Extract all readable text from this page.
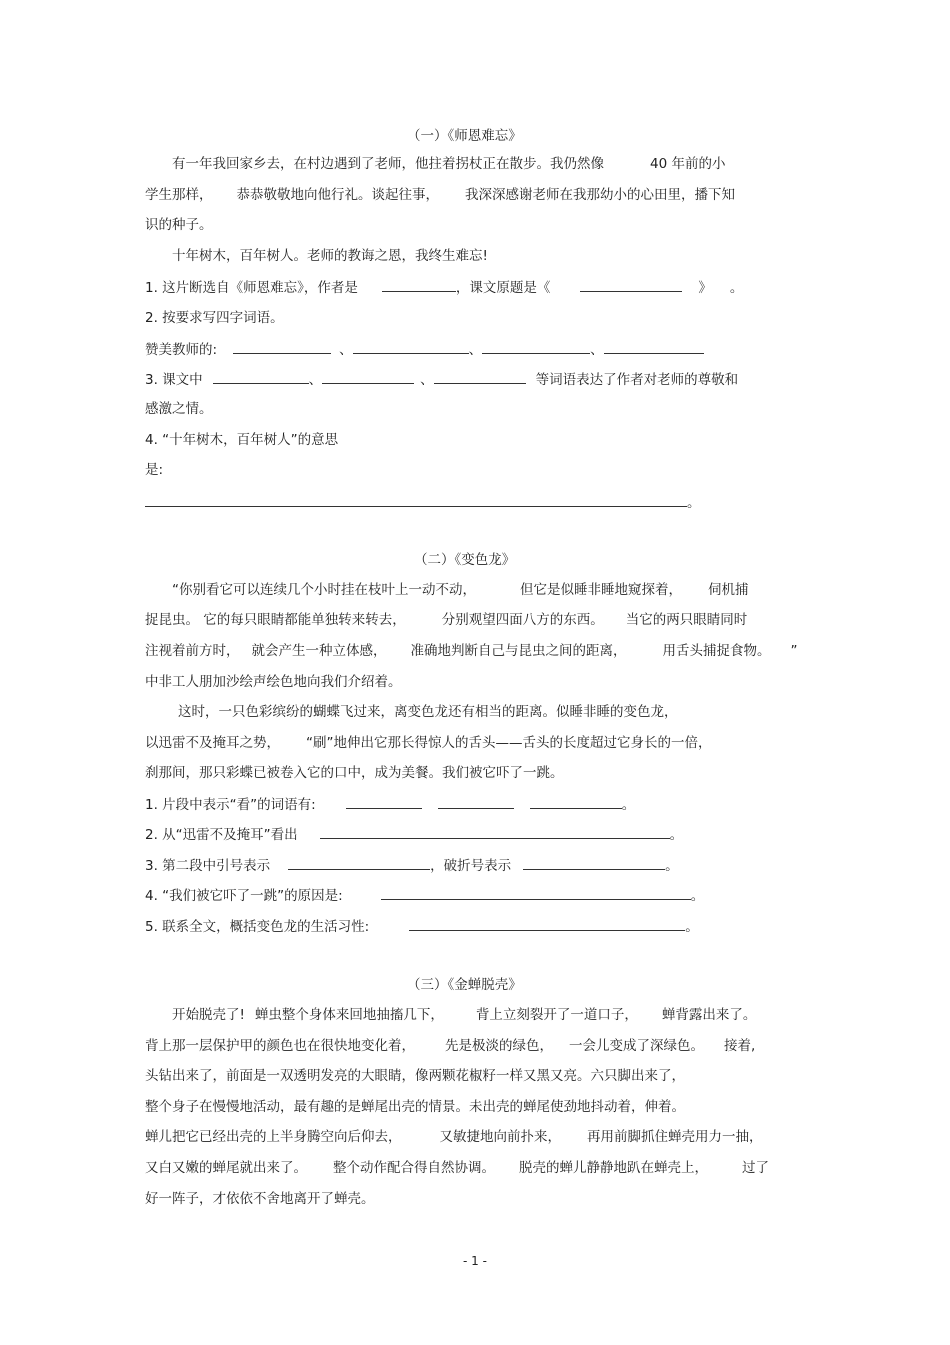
（一）《师恩难忘》
有一年我回家乡去，在村边遇到了老师，他拄着拐杖正在散步。我仍然像	40 年前的小
学生那样， 恭恭敬敬地向他行礼。谈起往事， 我深深感谢老师在我那幼小的心田里，播下知
识的种子。
十年树木，百年树人。老师的教诲之恩，我终生难忘!
1. 这片断选自《师恩难忘》，作者是	，课文原题是《	》 。
2. 按要求写四字词语。
赞美教师的:	、	、	、
3. 课文中	、	、	等词语表达了作者对老师的尊敬和
感激之情。
4. “十年树木，百年树人”的意思
是:
。
（二）《变色龙》
“你别看它可以连续几个小时挂在枝叶上一动不动，	但它是似睡非睡地窥探着， 伺机捕
捉昆虫。 它的每只眼睛都能单独转来转去，	分别观望四面八方的东西。 当它的两只眼睛同时
注视着前方时， 就会产生一种立体感， 准确地判断自己与昆虫之间的距离，	用舌头捕捉食物。 ”
中非工人朋加沙绘声绘色地向我们介绍着。
这时，一只色彩缤纷的蝴蝶飞过来，离变色龙还有相当的距离。似睡非睡的变色龙，
以迅雷不及掩耳之势， “刷”地伸出它那长得惊人的舌头——舌头的长度超过它身长的一倍，
刹那间，那只彩蝶已被卷入它的口中，成为美餐。我们被它吓了一跳。
1. 片段中表示“看”的词语有:	。
2. 从“迅雷不及掩耳”看出	。
3. 第二段中引号表示	，破折号表示	。
4. “我们被它吓了一跳”的原因是:	。
5. 联系全文，概括变色龙的生活习性:	。
（三）《金蝉脱壳》
开始脱壳了! 蝉虫整个身体来回地抽搐几下， 背上立刻裂开了一道口子， 蝉背露出来了。
背上那一层保护甲的颜色也在很快地变化着， 先是极淡的绿色， 一会儿变成了深绿色。 接着,
头钻出来了，前面是一双透明发亮的大眼睛，像两颗花椒籽一样又黑又亮。六只脚出来了，
整个身子在慢慢地活动，最有趣的是蝉尾出壳的情景。未出壳的蝉尾使劲地抖动着，伸着。
蝉儿把它已经出壳的上半身腾空向后仰去，	又敏捷地向前扑来， 再用前脚抓住蝉壳用力一抽，
又白又嫩的蝉尾就出来了。 整个动作配合得自然协调。 脱壳的蝉儿静静地趴在蝉壳上，	过了
好一阵子，才依依不舍地离开了蝉壳。
- 1 -
